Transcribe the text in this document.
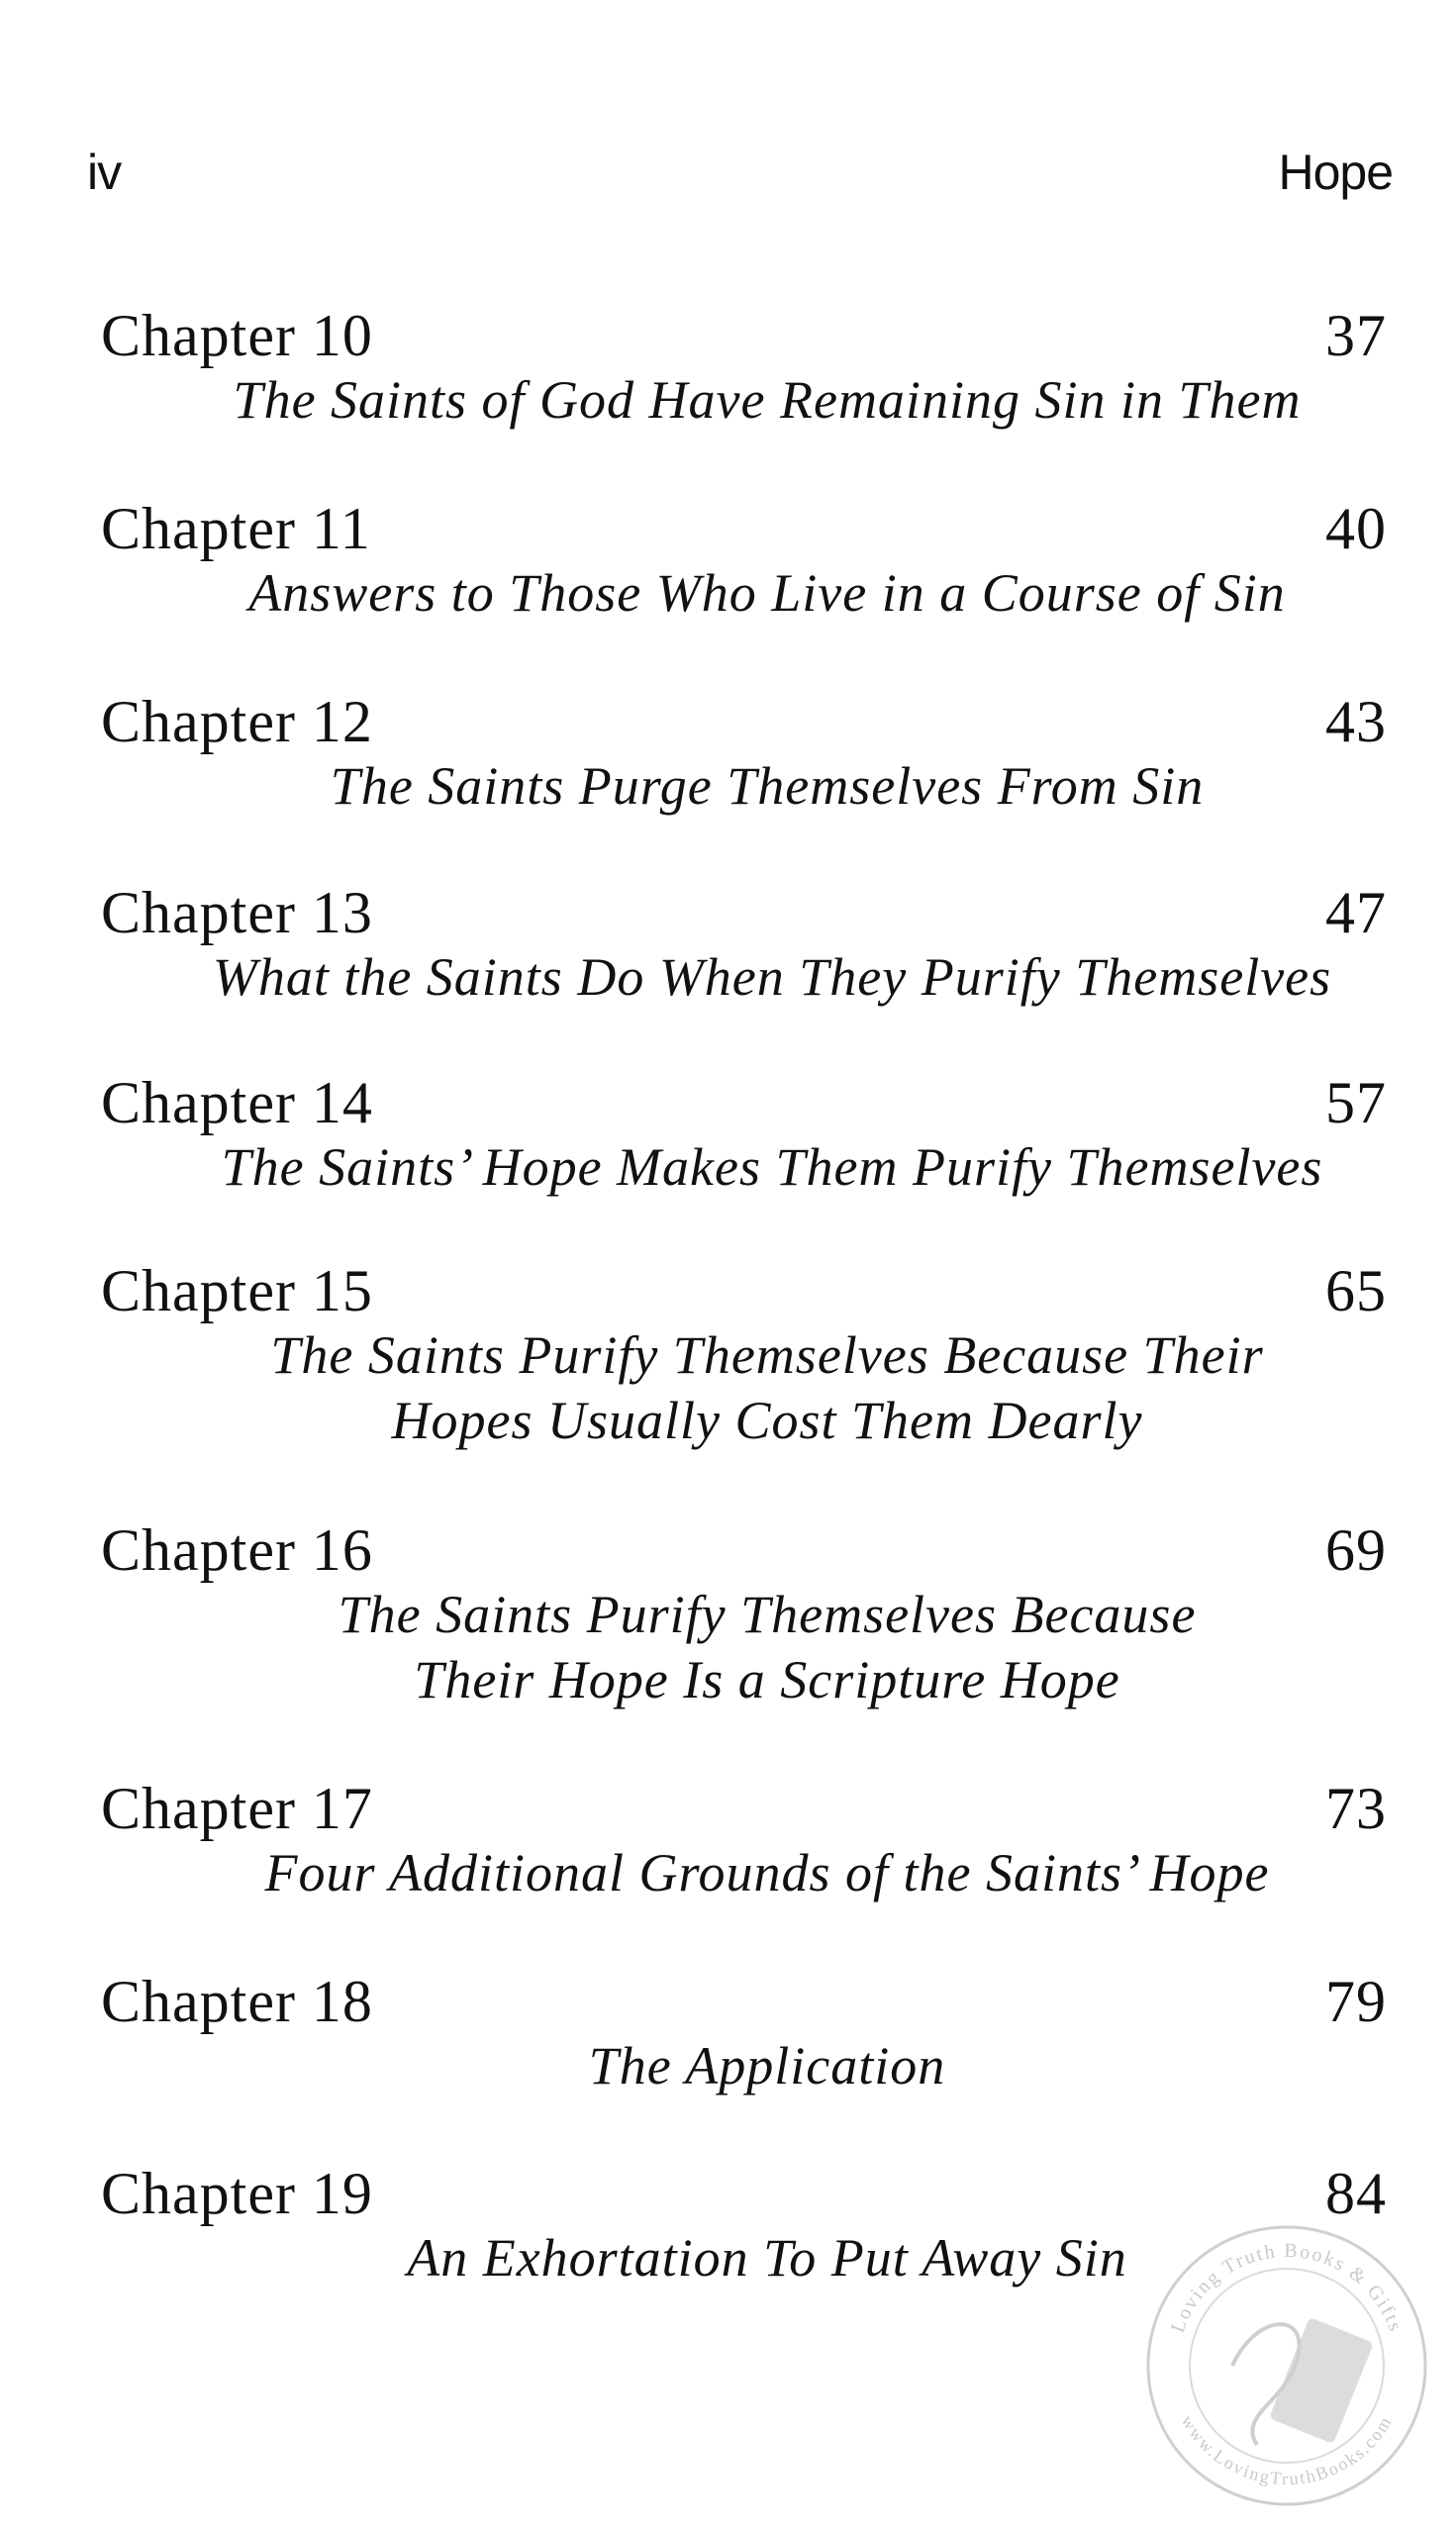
iv	Hope
Chapter 10	37
The Saints of God Have Remaining Sin in Them
Chapter 11	40
Answers to Those Who Live in a Course of Sin
Chapter 12	43
The Saints Purge Themselves From Sin
Chapter 13	47
What the Saints Do When They Purify Themselves
Chapter 14	57
The Saints’ Hope Makes Them Purify Themselves
Chapter 15	65
The Saints Purify Themselves Because Their
Hopes Usually Cost Them Dearly
Chapter 16	69
The Saints Purify Themselves Because
Their Hope Is a Scripture Hope
Chapter 17	73
Four Additional Grounds of the Saints’ Hope
Chapter 18	79
The Application
Chapter 19	84
An Exhortation To Put Away Sin
Loving Truth Books & Gifts
www.LovingTruthBooks.com
